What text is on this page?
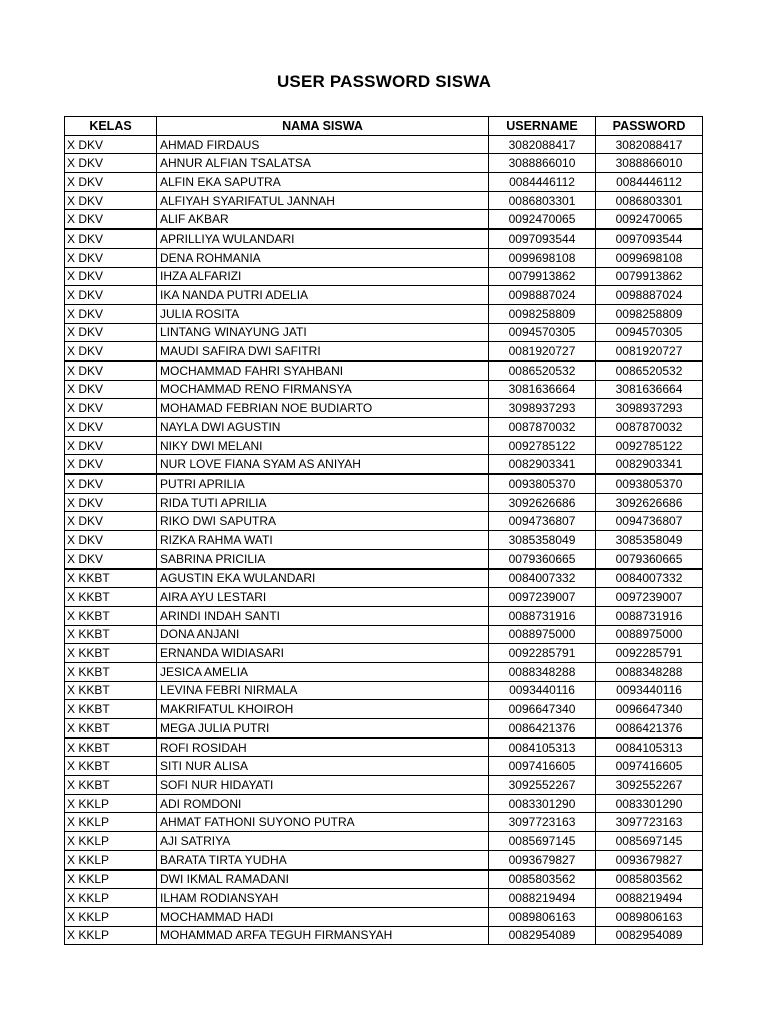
USER PASSWORD SISWA
KELAS	NAMA SISWA	USERNAME	PASSWORD
X DKV	AHMAD FIRDAUS	3082088417	3082088417
X DKV	AHNUR ALFIAN TSALATSA	3088866010	3088866010
X DKV	ALFIN EKA SAPUTRA	0084446112	0084446112
X DKV	ALFIYAH SYARIFATUL JANNAH	0086803301	0086803301
X DKV	ALIF AKBAR	0092470065	0092470065
X DKV	APRILLIYA WULANDARI	0097093544	0097093544
X DKV	DENA ROHMANIA	0099698108	0099698108
X DKV	IHZA ALFARIZI	0079913862	0079913862
X DKV	IKA NANDA PUTRI ADELIA	0098887024	0098887024
X DKV	JULIA ROSITA	0098258809	0098258809
X DKV	LINTANG WINAYUNG JATI	0094570305	0094570305
X DKV	MAUDI SAFIRA DWI SAFITRI	0081920727	0081920727
X DKV	MOCHAMMAD FAHRI SYAHBANI	0086520532	0086520532
X DKV	MOCHAMMAD RENO FIRMANSYA	3081636664	3081636664
X DKV	MOHAMAD FEBRIAN NOE BUDIARTO	3098937293	3098937293
X DKV	NAYLA DWI AGUSTIN	0087870032	0087870032
X DKV	NIKY DWI MELANI	0092785122	0092785122
X DKV	NUR LOVE FIANA SYAM AS ANIYAH	0082903341	0082903341
X DKV	PUTRI APRILIA	0093805370	0093805370
X DKV	RIDA TUTI APRILIA	3092626686	3092626686
X DKV	RIKO DWI SAPUTRA	0094736807	0094736807
X DKV	RIZKA RAHMA WATI	3085358049	3085358049
X DKV	SABRINA PRICILIA	0079360665	0079360665
X KKBT	AGUSTIN EKA WULANDARI	0084007332	0084007332
X KKBT	AIRA AYU LESTARI	0097239007	0097239007
X KKBT	ARINDI INDAH SANTI	0088731916	0088731916
X KKBT	DONA ANJANI	0088975000	0088975000
X KKBT	ERNANDA WIDIASARI	0092285791	0092285791
X KKBT	JESICA AMELIA	0088348288	0088348288
X KKBT	LEVINA FEBRI NIRMALA	0093440116	0093440116
X KKBT	MAKRIFATUL KHOIROH	0096647340	0096647340
X KKBT	MEGA JULIA PUTRI	0086421376	0086421376
X KKBT	ROFI ROSIDAH	0084105313	0084105313
X KKBT	SITI NUR ALISA	0097416605	0097416605
X KKBT	SOFI NUR HIDAYATI	3092552267	3092552267
X KKLP	ADI ROMDONI	0083301290	0083301290
X KKLP	AHMAT FATHONI SUYONO PUTRA	3097723163	3097723163
X KKLP	AJI SATRIYA	0085697145	0085697145
X KKLP	BARATA TIRTA YUDHA	0093679827	0093679827
X KKLP	DWI IKMAL RAMADANI	0085803562	0085803562
X KKLP	ILHAM RODIANSYAH	0088219494	0088219494
X KKLP	MOCHAMMAD HADI	0089806163	0089806163
X KKLP	MOHAMMAD ARFA TEGUH FIRMANSYAH	0082954089	0082954089
